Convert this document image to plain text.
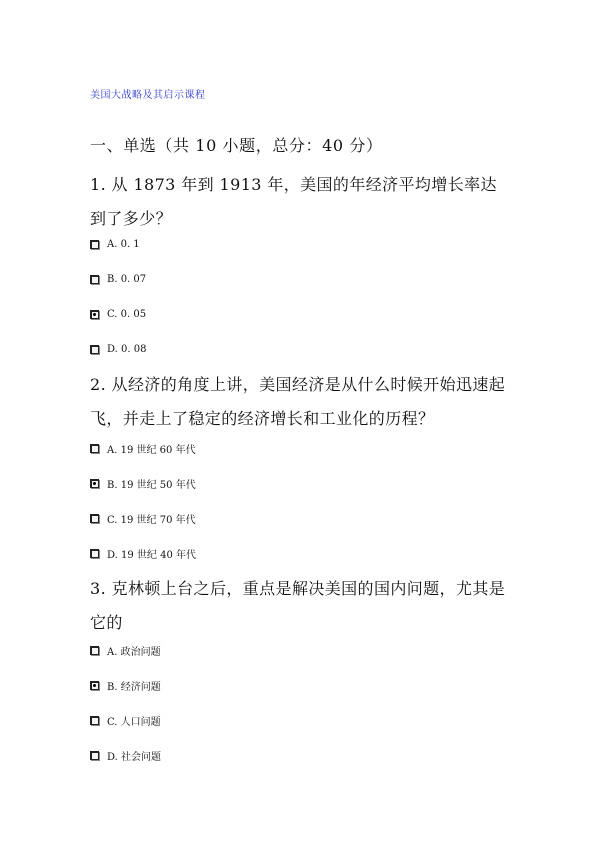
美国大战略及其启示课程
一、单选（共 10 小题，总分：40 分）
1. 从 1873 年到 1913 年，美国的年经济平均增长率达到了多少？
A. 0. 1
B. 0. 07
C. 0. 05
D. 0. 08
2. 从经济的角度上讲，美国经济是从什么时候开始迅速起飞，并走上了稳定的经济增长和工业化的历程？
A. 19 世纪 60 年代
B. 19 世纪 50 年代
C. 19 世纪 70 年代
D. 19 世纪 40 年代
3. 克林顿上台之后，重点是解决美国的国内问题，尤其是它的
A. 政治问题
B. 经济问题
C. 人口问题
D. 社会问题
